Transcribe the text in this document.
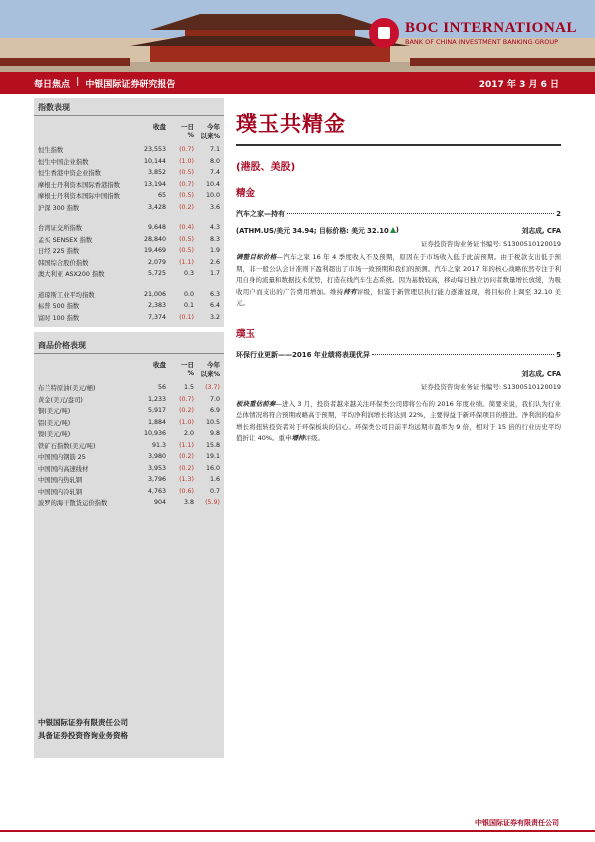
BOC INTERNATIONAL
BANK OF CHINA INVESTMENT BANKING GROUP
每日焦点 | 中银国际证券研究报告	2017 年 3 月 6 日
指数表现
收盘	一日	今年
% 以来%
恒生指数	23,553	(0.7)	7.1
恒生中国企业指数	10,144	(1.0)	8.0
恒生香港中资企业指数	3,852	(0.5)	7.4
摩根士丹利资本国际香港指数	13,194	(0.7)	10.4
摩根士丹利资本国际中国指数	65	(0.5)	10.0
沪深 300 指数	3,428	(0.2)	3.6
台湾证交所指数	9,648	(0.4)	4.3
孟买 SENSEX 指数	28,840	(0.5)	8.3
日经 225 指数	19,469	(0.5)	1.9
韩国综合股价指数	2,079	(1.1)	2.6
澳大利亚 ASX200 指数	5,725	0.3	1.7
道琼斯工业平均指数	21,006	0.0	6.3
标普 500 指数	2,383	0.1	6.4
富时 100 指数	7,374	(0.1)	3.2
商品价格表现
收盘	一日	今年
% 以来%
布兰特原油(美元/桶)	56	1.5	(3.7)
黄金(美元/盎司)	1,233	(0.7)	7.0
铜(美元/吨)	5,917	(0.2)	6.9
铝(美元/吨)	1,884	(1.0)	10.5
镍(美元/吨)	10,936	2.0	9.8
铁矿石指数(美元/吨)	91.3	(1.1)	15.8
中国国内钢筋 25	3,980	(0.2)	19.1
中国国内高速线材	3,953	(0.2)	16.0
中国国内热轧钢	3,796	(1.3)	1.6
中国国内冷轧钢	4,763	(0.6)	0.7
波罗的海干散货运价指数	904	3.8	(5.9)
中银国际证券有限责任公司
具备证券投资咨询业务资格
璞玉共精金
(港股、美股)
精金
汽车之家—持有	2
(ATHM.US/美元 34.94; 目标价格: 美元 32.10 )	刘志成, CFA
证券投资咨询业务证书编号: S1300510120019
调整目标价格—汽车之家 16 年 4 季度收入不及预期，原因在于市场收入低于此前预期。由于税款支出低于预期，非一般公认会计准则下盈利超出了市场一致预期和我们的预测。汽车之家 2017 年的核心战略依然专注于利用自身的流量和数据技术优势，打造在线汽车生态系统。因为基数较高，移动每日独立访问者数量增长放缓，为吸收用户而支出的广告费用增加。维持持有评级，但鉴于新管理层执行能力逐渐显现，将目标价上调至 32.10 美元。
璞玉
环保行业更新——2016 年业绩将表现优异	5
刘志成, CFA
证券投资咨询业务证书编号: S1300510120019
板块重估前奏—进入 3 月，投资者越来越关注环保类公司即将公布的 2016 年度业绩。简要来说，我们认为行业总体情况将符合预期或略高于预期，平均净利润增长将达到 22%，主要得益于新环保项目的推进。净利润的稳步增长将扭转投资者对于环保板块的信心。环保类公司目前平均远期市盈率为 9 倍，相对于 15 倍的行业历史平均值折让 40%。重申增持评级。
中银国际证券有限责任公司
